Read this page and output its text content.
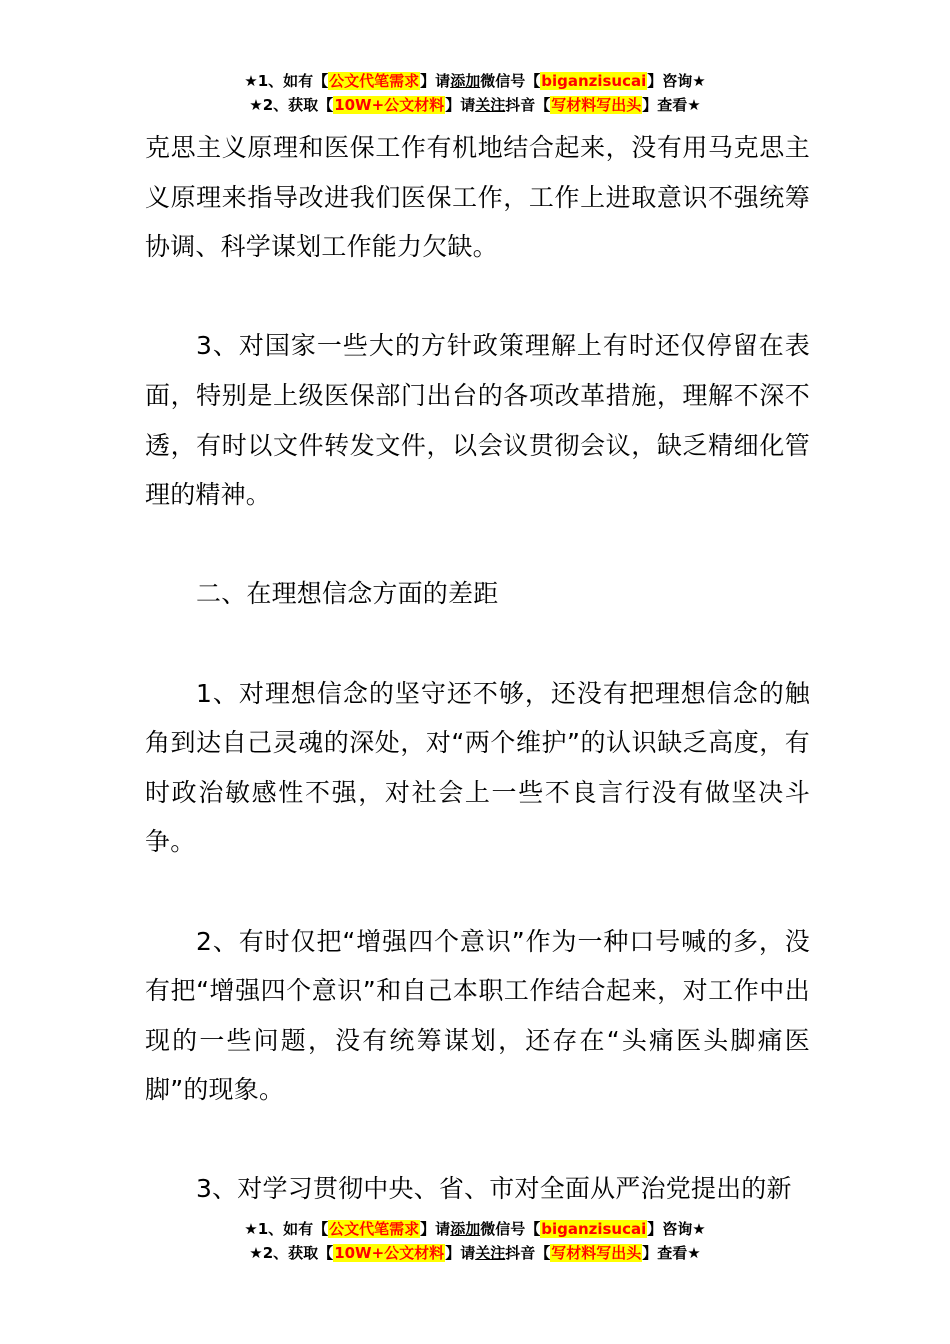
★1、如有【公文代笔需求】请添加微信号【biganzisucai】咨询★
★2、获取【10W+公文材料】请关注抖音【写材料写出头】查看★

克思主义原理和医保工作有机地结合起来，没有用马克思主义原理来指导改进我们医保工作，工作上进取意识不强统筹协调、科学谋划工作能力欠缺。

3、对国家一些大的方针政策理解上有时还仅停留在表面，特别是上级医保部门出台的各项改革措施，理解不深不透，有时以文件转发文件，以会议贯彻会议，缺乏精细化管理的精神。

二、在理想信念方面的差距

1、对理想信念的坚守还不够，还没有把理想信念的触角到达自己灵魂的深处，对“两个维护”的认识缺乏高度，有时政治敏感性不强，对社会上一些不良言行没有做坚决斗争。

2、有时仅把“增强四个意识”作为一种口号喊的多，没有把“增强四个意识”和自己本职工作结合起来，对工作中出现的一些问题，没有统筹谋划，还存在“头痛医头脚痛医脚”的现象。

3、对学习贯彻中央、省、市对全面从严治党提出的新

★1、如有【公文代笔需求】请添加微信号【biganzisucai】咨询★
★2、获取【10W+公文材料】请关注抖音【写材料写出头】查看★
